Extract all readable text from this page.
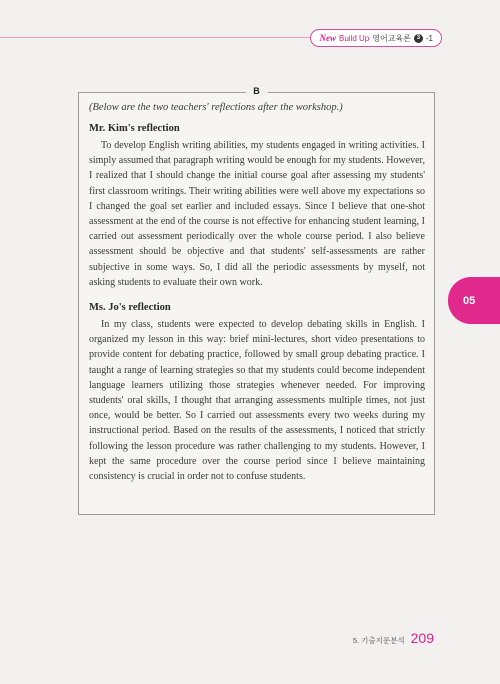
New Build Up 영어교육론 3 -1
B

(Below are the two teachers' reflections after the workshop.)

Mr. Kim's reflection

To develop English writing abilities, my students engaged in writing activities. I simply assumed that paragraph writing would be enough for my students. However, I realized that I should change the initial course goal after assessing my students' first classroom writings. Their writing abilities were well above my expectations so I changed the goal set earlier and included essays. Since I believe that one-shot assessment at the end of the course is not effective for enhancing student learning, I carried out assessment periodically over the whole course period. I also believe assessment should be objective and that students' self-assessments are rather subjective in some ways. So, I did all the periodic assessments by myself, not asking students to evaluate their own work.

Ms. Jo's reflection

In my class, students were expected to develop debating skills in English. I organized my lesson in this way: brief mini-lectures, short video presentations to provide content for debating practice, followed by small group debating practice. I taught a range of learning strategies so that my students could become independent language learners utilizing those strategies whenever needed. For improving students' oral skills, I thought that arranging assessments multiple times, not just once, would be better. So I carried out assessments every two weeks during my instructional period. Based on the results of the assessments, I noticed that strictly following the lesson procedure was rather challenging to my students. However, I kept the same procedure over the course period since I believe maintaining consistency is crucial in order not to confuse students.

05
5. 기출지문분석 209
